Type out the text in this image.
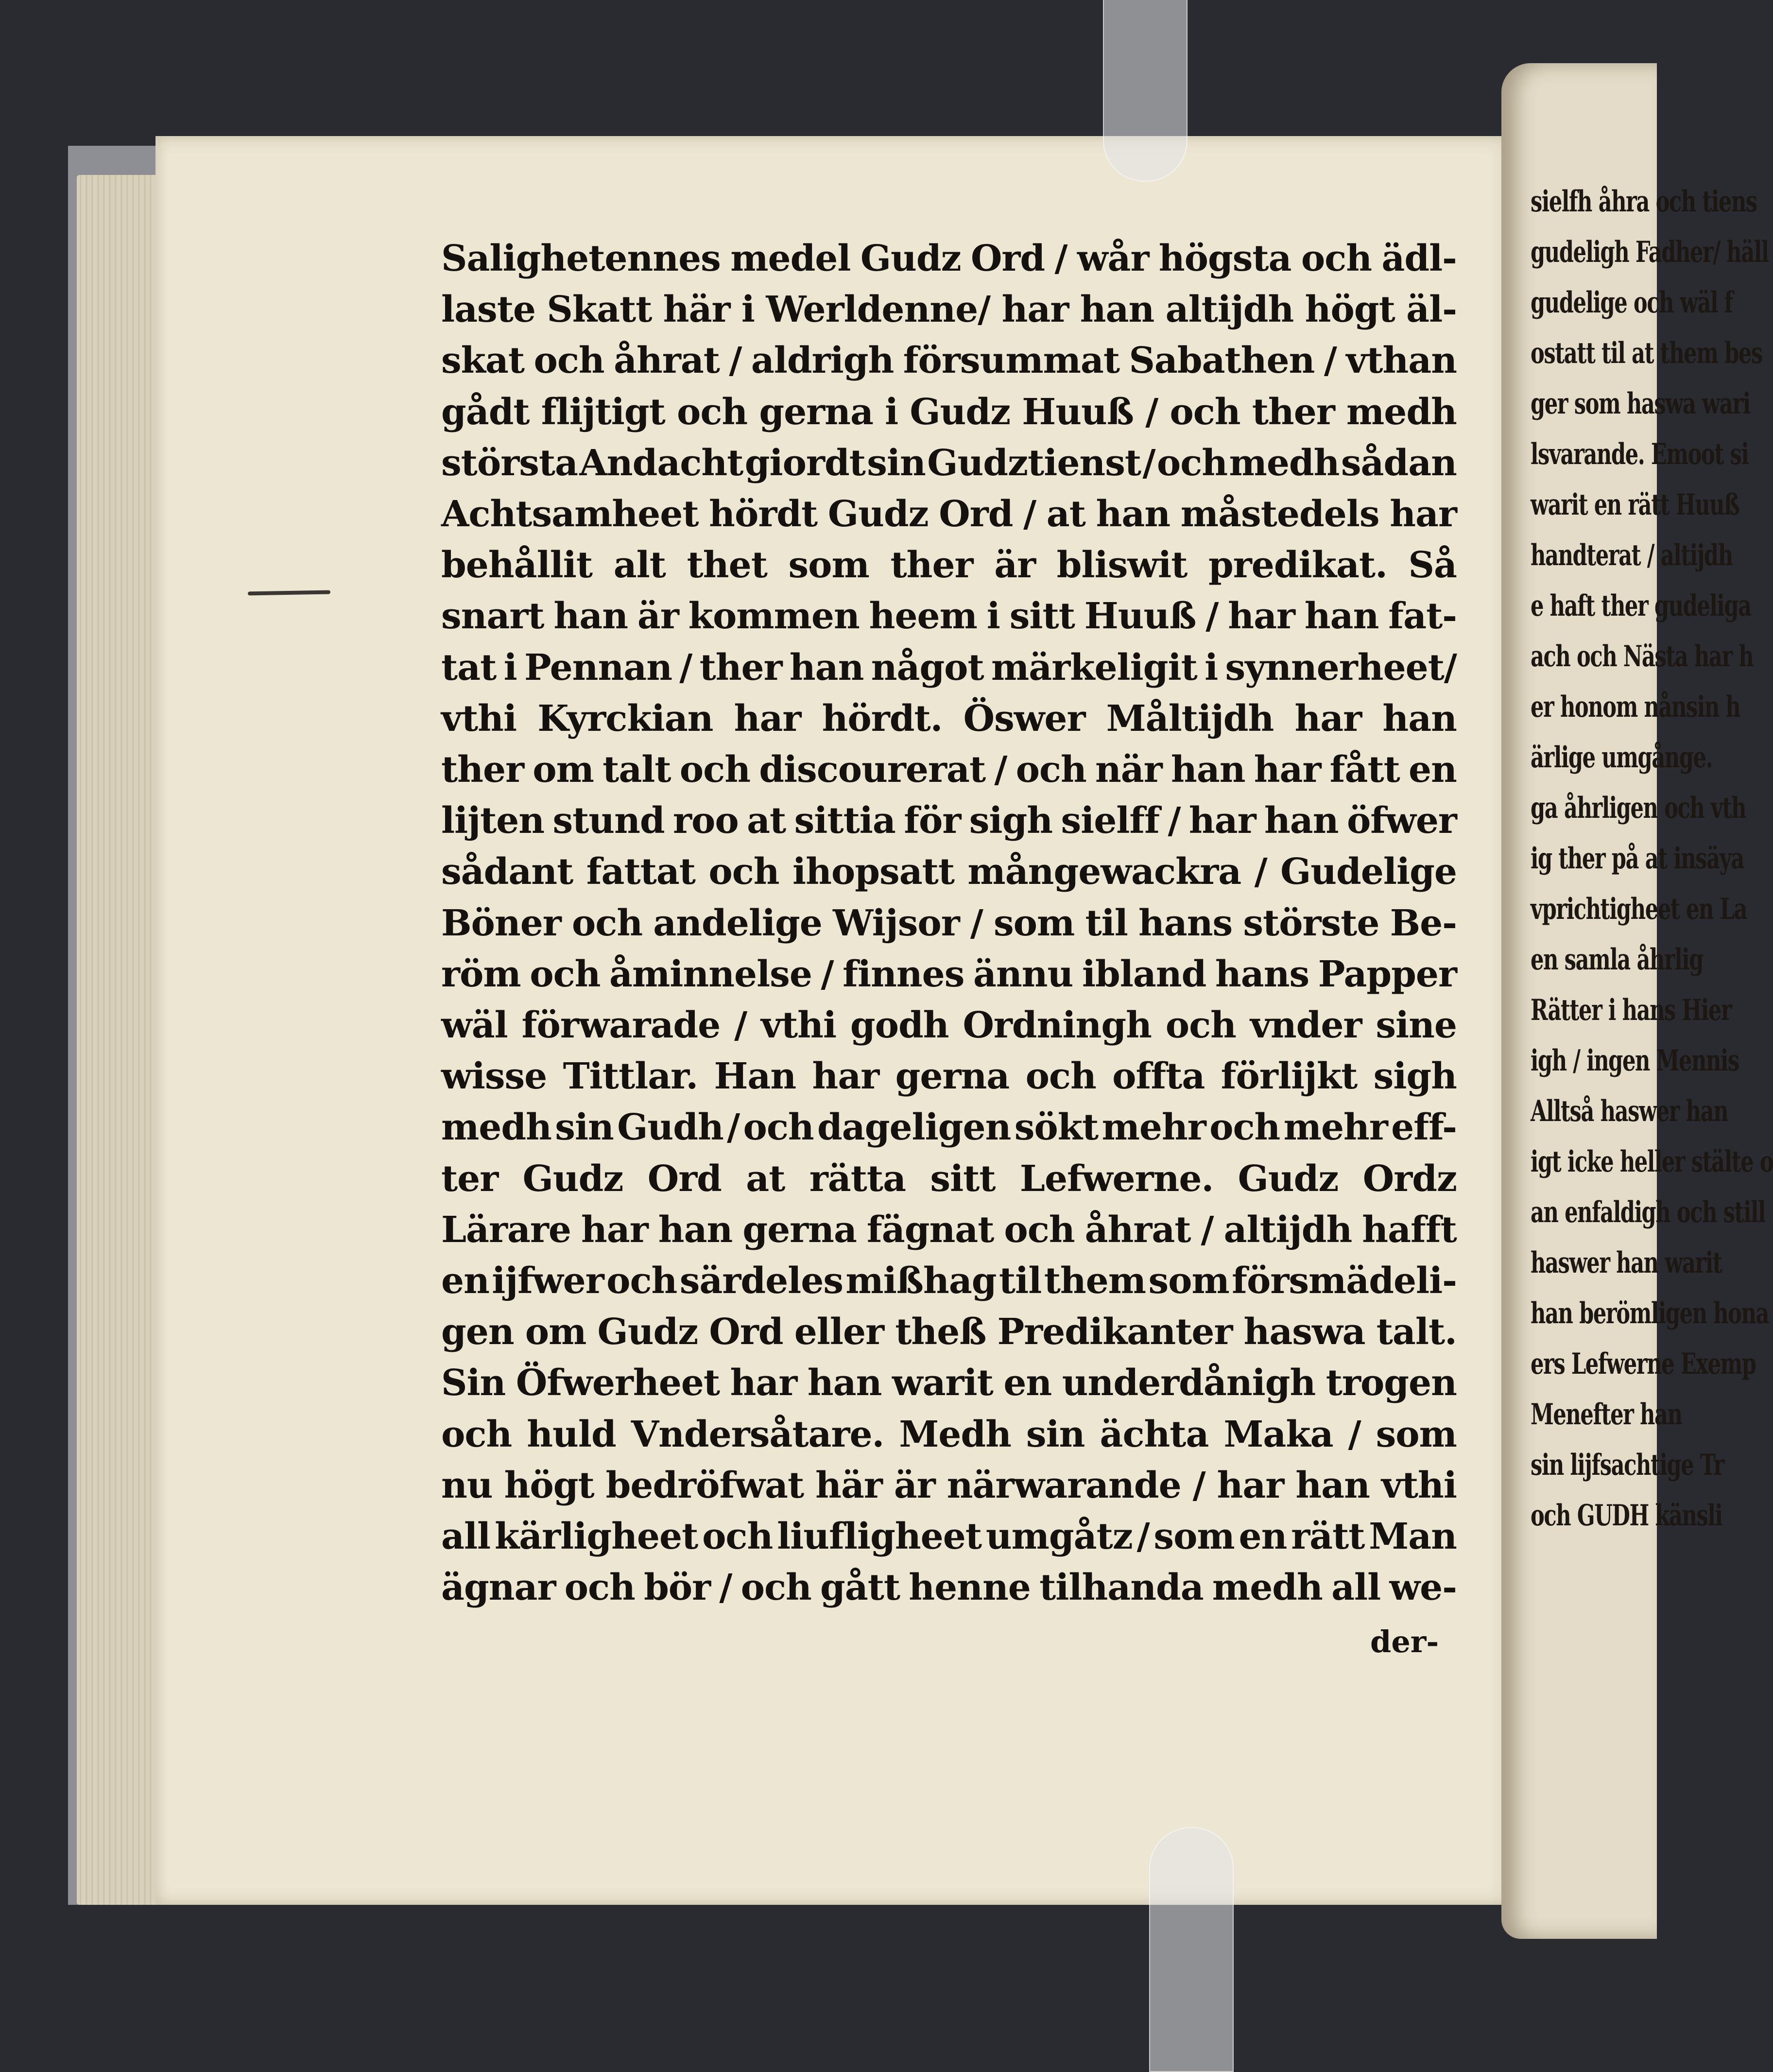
sielfh åhra och tiens
gudeligh Fadher/ häll
gudelige och wäl f
ostatt til at them bes
ger som haswa wari
lsvarande. Emoot si
warit en rätt Huuß
handterat / altijdh
e haft ther gudeliga
ach och Nästa har h
er honom nånsin h
ärlige umgånge.
ga åhrligen och vth
ig ther på at insäya
vprichtigheet en La
en samla åhrlig
Rätter i hans Hier
igh / ingen Mennis
Alltså haswer han
igt icke heller stälte o
an enfaldigh och still
haswer han warit
han berömligen hona
ers Lefwerne Exemp
Menefter han
sin lijfsachtige Tr
och GUDH känsli
Salighetennes medel Gudz Ord / wår högsta och ädl-
laste Skatt här i Werldenne/ har han altijdh högt äl-
skat och åhrat / aldrigh försummat Sabathen / vthan
gådt flijtigt och gerna i Gudz Huuß / och ther medh
största Andacht giordt sin Gudztienst / och medh sådan
Achtsamheet hördt Gudz Ord / at han måstedels har
behållit alt thet som ther är bliswit predikat. Så
snart han är kommen heem i sitt Huuß / har han fat-
tat i Pennan / ther han något märkeligit i synnerheet/
vthi Kyrckian har hördt. Öswer Måltijdh har han
ther om talt och discourerat / och när han har fått en
lijten stund roo at sittia för sigh sielff / har han öfwer
sådant fattat och ihopsatt mångewackra / Gudelige
Böner och andelige Wijsor / som til hans störste Be-
röm och åminnelse / finnes ännu ibland hans Papper
wäl förwarade / vthi godh Ordningh och vnder sine
wisse Tittlar. Han har gerna och offta förlijkt sigh
medh sin Gudh / och dageligen sökt mehr och mehr eff-
ter Gudz Ord at rätta sitt Lefwerne. Gudz Ordz
Lärare har han gerna fägnat och åhrat / altijdh hafft
en ijfwer och särdeles mißhag til them som försmädeli-
gen om Gudz Ord eller theß Predikanter haswa talt.
Sin Öfwerheet har han warit en underdånigh trogen
och huld Vndersåtare. Medh sin ächta Maka / som
nu högt bedröfwat här är närwarande / har han vthi
all kärligheet och liufligheet umgåtz / som en rätt Man
ägnar och bör / och gått henne tilhanda medh all we-
der-
